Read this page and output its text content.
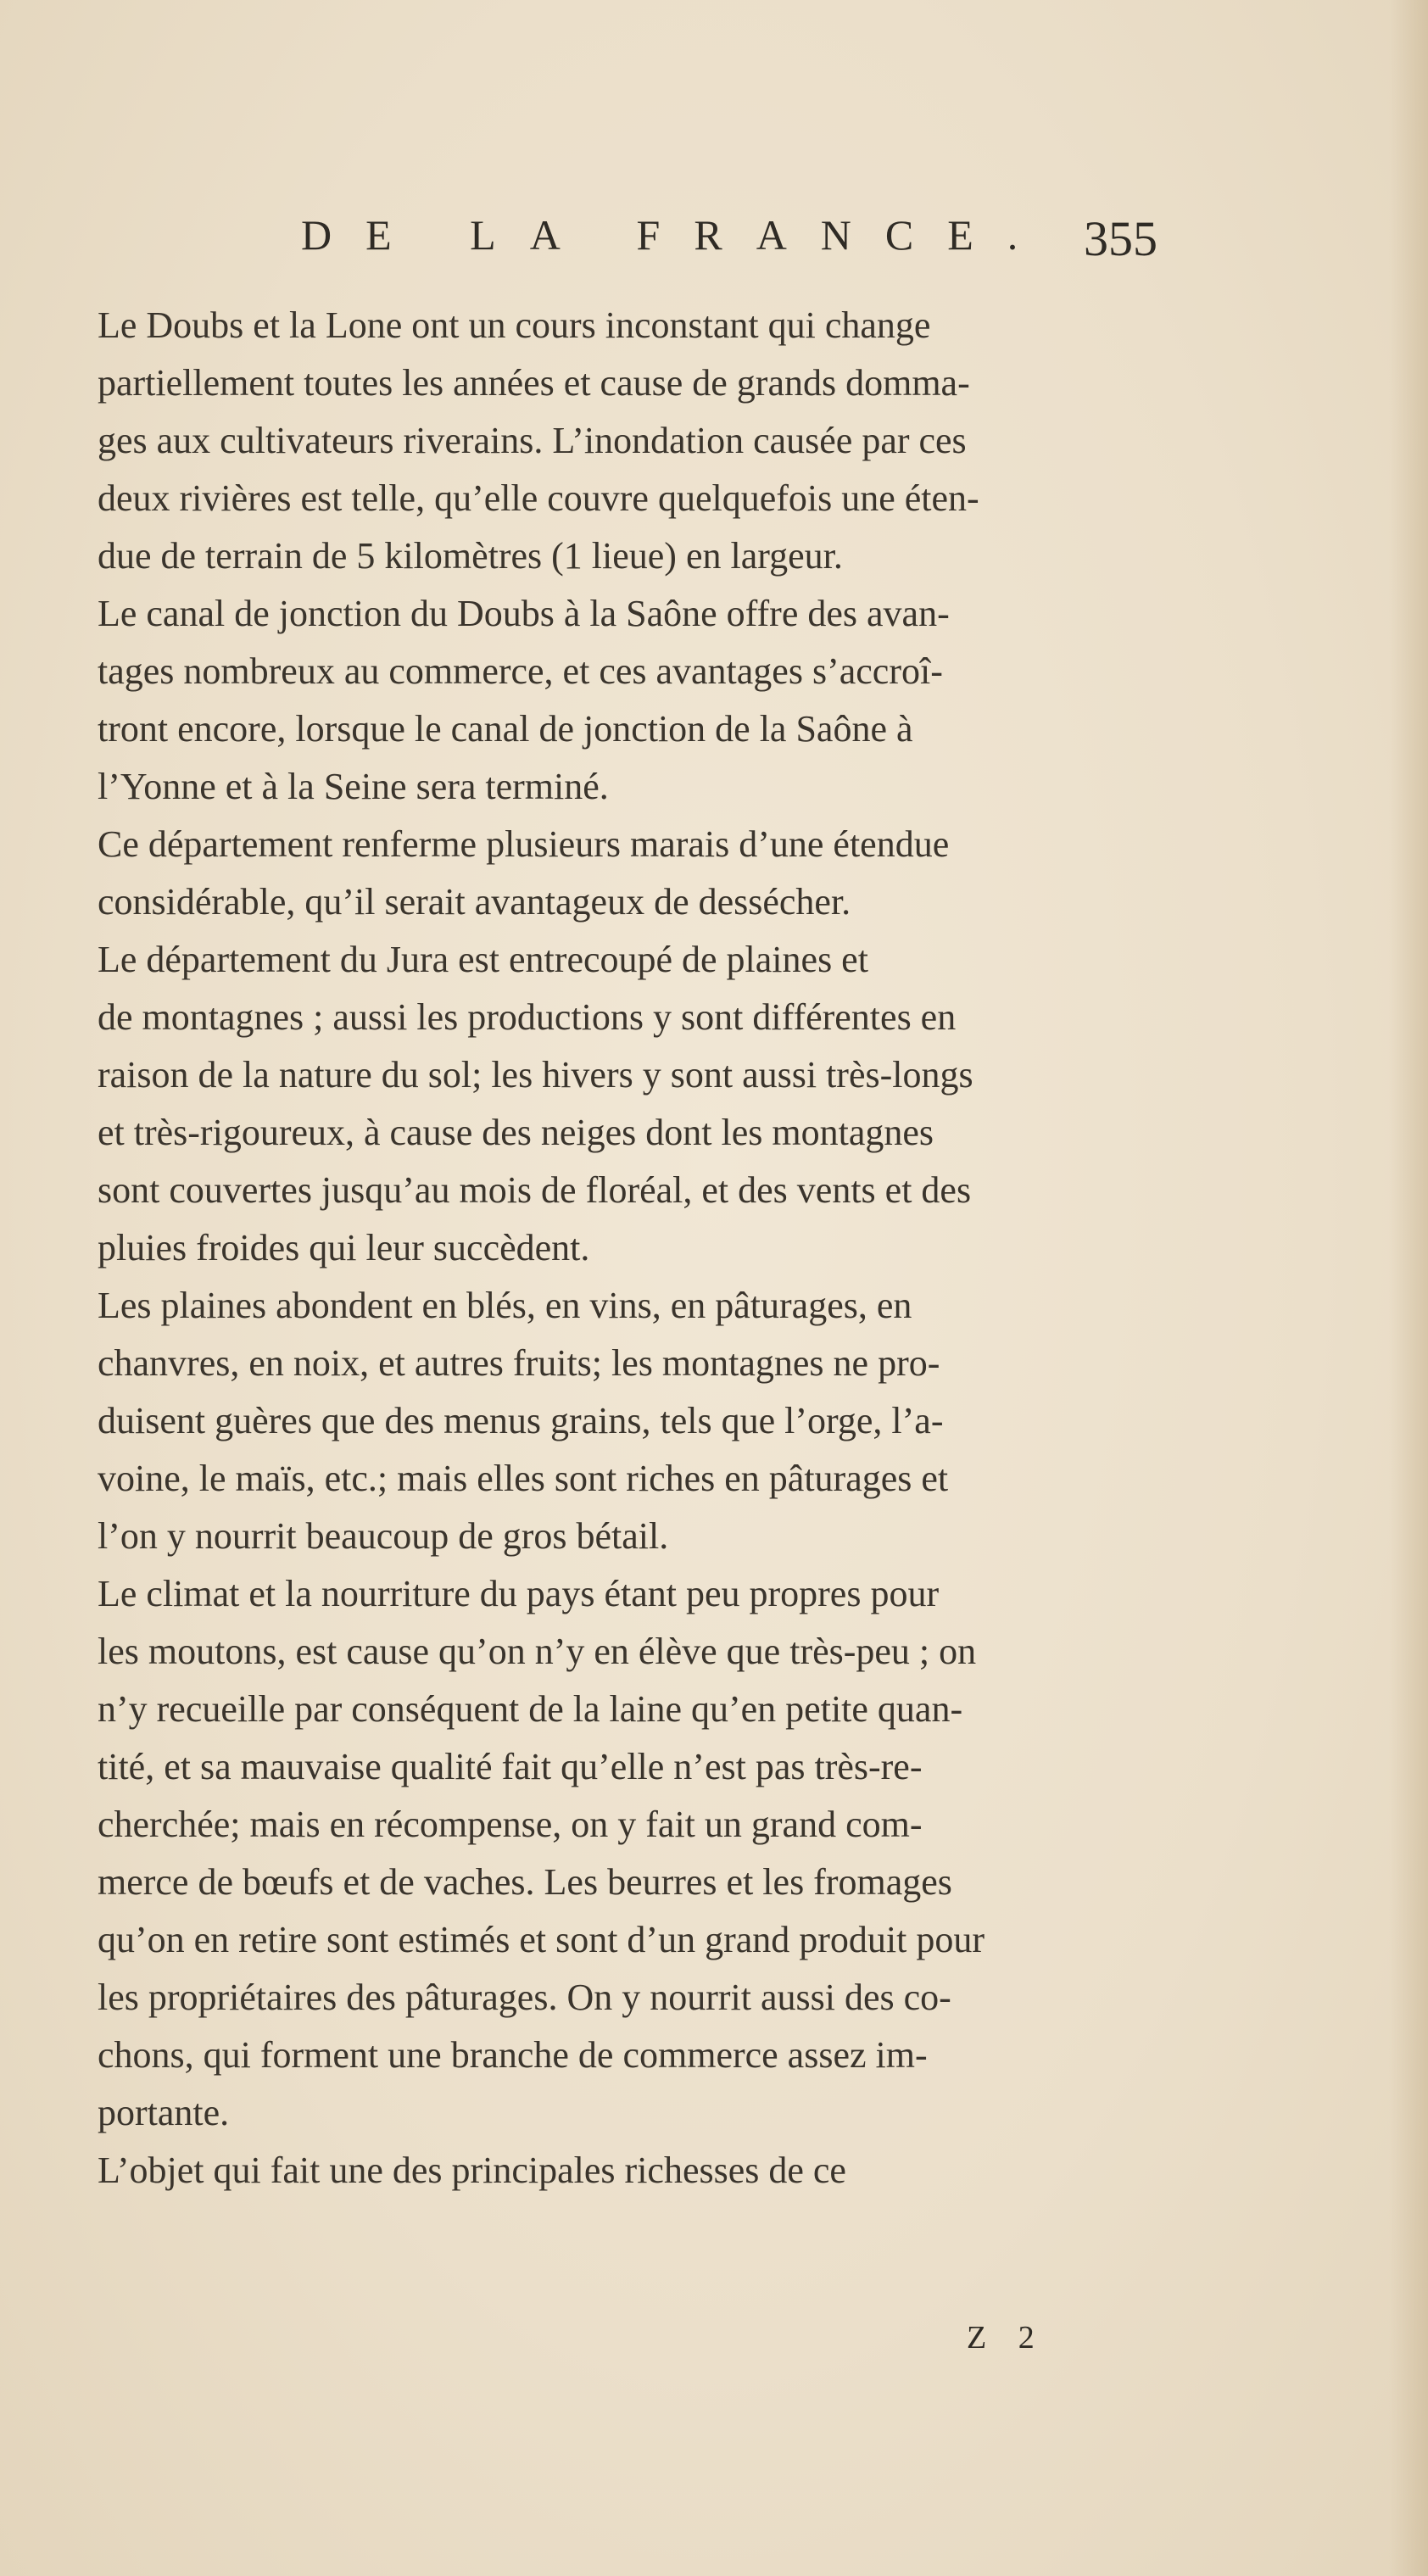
DE LA FRANCE. 355

Le Doubs et la Lone ont un cours inconstant qui change
partiellement toutes les années et cause de grands domma-
ges aux cultivateurs riverains. L’inondation causée par ces
deux rivières est telle, qu’elle couvre quelquefois une éten-
due de terrain de 5 kilomètres (1 lieue) en largeur.

Le canal de jonction du Doubs à la Saône offre des avan-
tages nombreux au commerce, et ces avantages s’accroî-
tront encore, lorsque le canal de jonction de la Saône à
l’Yonne et à la Seine sera terminé.

Ce département renferme plusieurs marais d’une étendue
considérable, qu’il serait avantageux de dessécher.

Le département du Jura est entrecoupé de plaines et
de montagnes ; aussi les productions y sont différentes en
raison de la nature du sol; les hivers y sont aussi très-longs
et très-rigoureux, à cause des neiges dont les montagnes
sont couvertes jusqu’au mois de floréal, et des vents et des
pluies froides qui leur succèdent.

Les plaines abondent en blés, en vins, en pâturages, en
chanvres, en noix, et autres fruits; les montagnes ne pro-
duisent guères que des menus grains, tels que l’orge, l’a-
voine, le maïs, etc.; mais elles sont riches en pâturages et
l’on y nourrit beaucoup de gros bétail.

Le climat et la nourriture du pays étant peu propres pour
les moutons, est cause qu’on n’y en élève que très-peu ; on
n’y recueille par conséquent de la laine qu’en petite quan-
tité, et sa mauvaise qualité fait qu’elle n’est pas très-re-
cherchée; mais en récompense, on y fait un grand com-
merce de bœufs et de vaches. Les beurres et les fromages
qu’on en retire sont estimés et sont d’un grand produit pour
les propriétaires des pâturages. On y nourrit aussi des co-
chons, qui forment une branche de commerce assez im-
portante.

L’objet qui fait une des principales richesses de ce

Z 2
